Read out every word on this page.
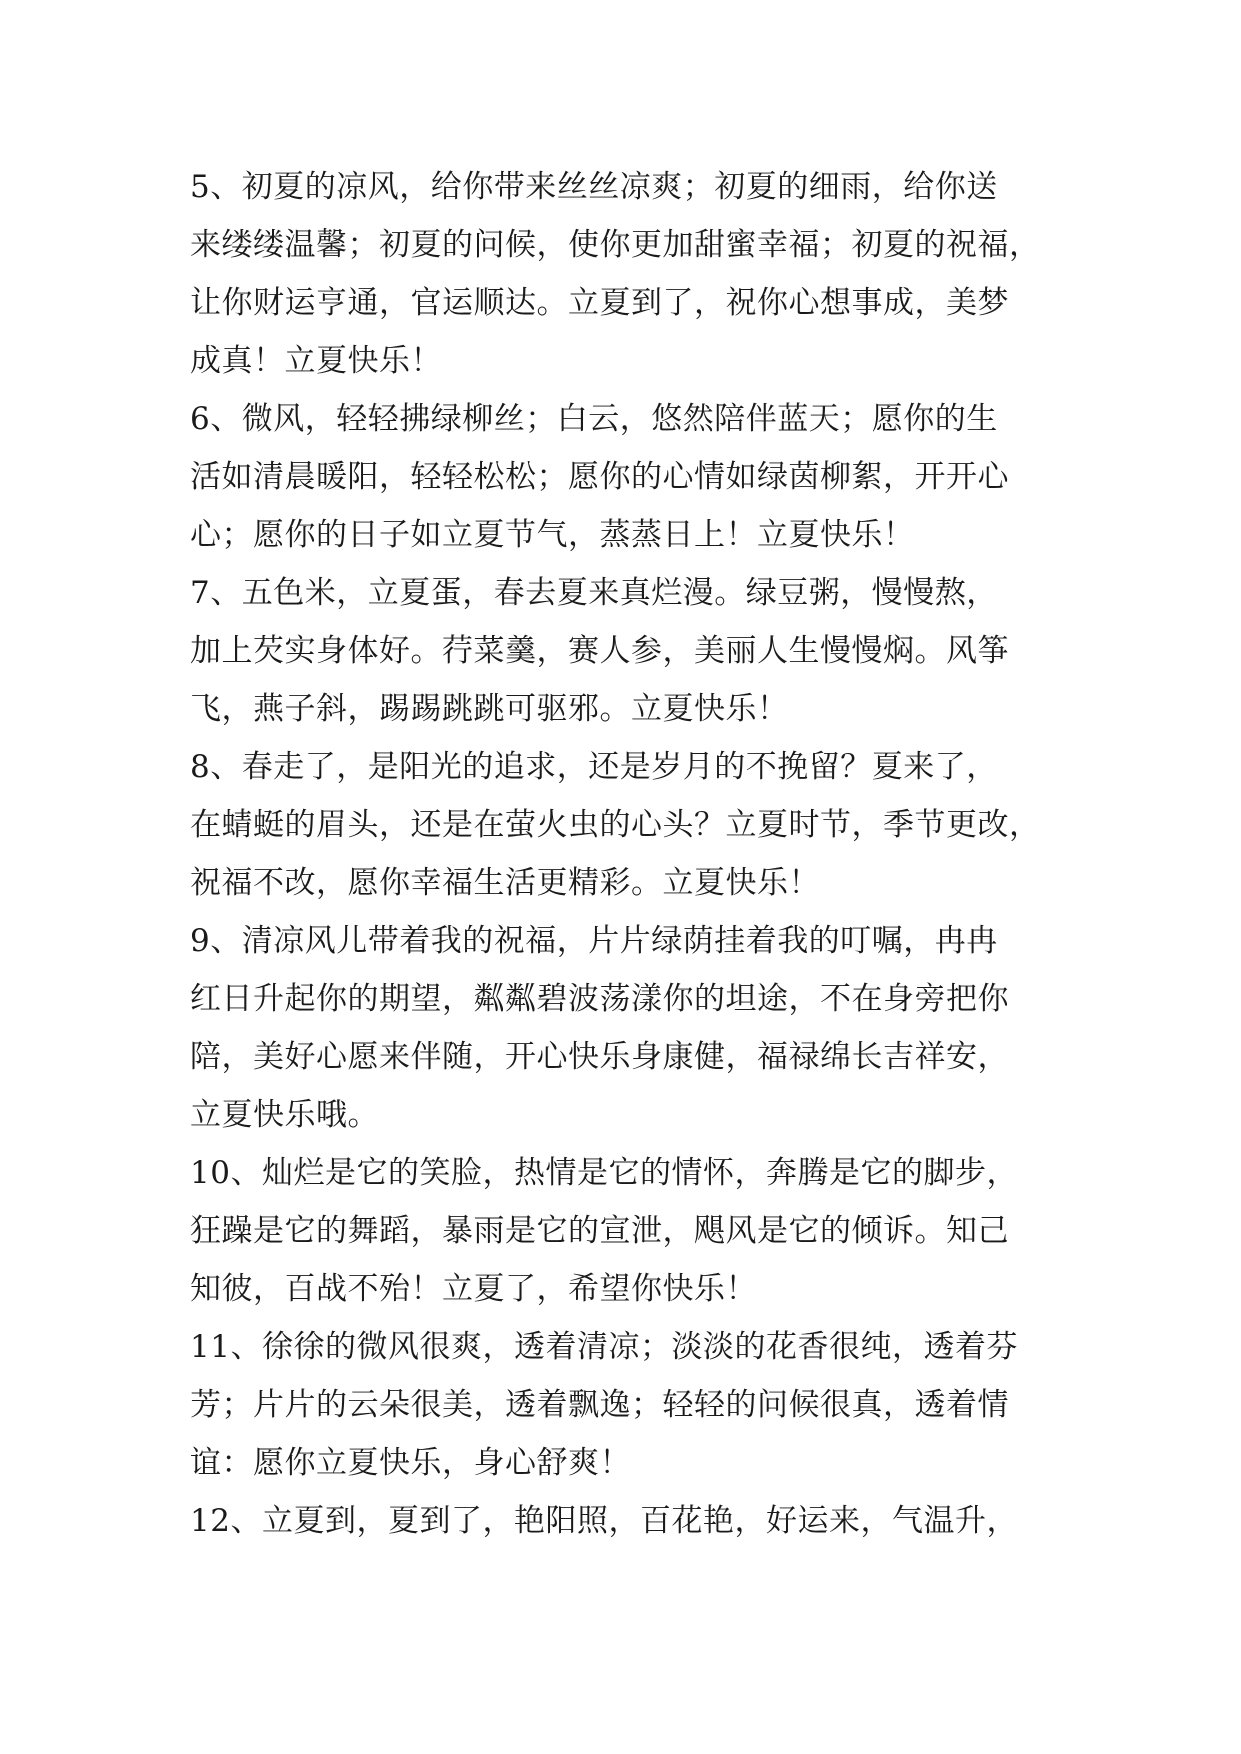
5、初夏的凉风，给你带来丝丝凉爽；初夏的细雨，给你送
来缕缕温馨；初夏的问候，使你更加甜蜜幸福；初夏的祝福，
让你财运亨通，官运顺达。立夏到了，祝你心想事成，美梦
成真！立夏快乐！
6、微风，轻轻拂绿柳丝；白云，悠然陪伴蓝天；愿你的生
活如清晨暖阳，轻轻松松；愿你的心情如绿茵柳絮，开开心
心；愿你的日子如立夏节气，蒸蒸日上！立夏快乐！
7、五色米，立夏蛋，春去夏来真烂漫。绿豆粥，慢慢熬，
加上芡实身体好。荇菜羹，赛人参，美丽人生慢慢焖。风筝
飞，燕子斜，踢踢跳跳可驱邪。立夏快乐！
8、春走了，是阳光的追求，还是岁月的不挽留？夏来了，
在蜻蜓的眉头，还是在萤火虫的心头？立夏时节，季节更改，
祝福不改，愿你幸福生活更精彩。立夏快乐！
9、清凉风儿带着我的祝福，片片绿荫挂着我的叮嘱，冉冉
红日升起你的期望，粼粼碧波荡漾你的坦途，不在身旁把你
陪，美好心愿来伴随，开心快乐身康健，福禄绵长吉祥安，
立夏快乐哦。
10、灿烂是它的笑脸，热情是它的情怀，奔腾是它的脚步，
狂躁是它的舞蹈，暴雨是它的宣泄，飓风是它的倾诉。知己
知彼，百战不殆！立夏了，希望你快乐！
11、徐徐的微风很爽，透着清凉；淡淡的花香很纯，透着芬
芳；片片的云朵很美，透着飘逸；轻轻的问候很真，透着情
谊：愿你立夏快乐，身心舒爽！
12、立夏到，夏到了，艳阳照，百花艳，好运来，气温升，
